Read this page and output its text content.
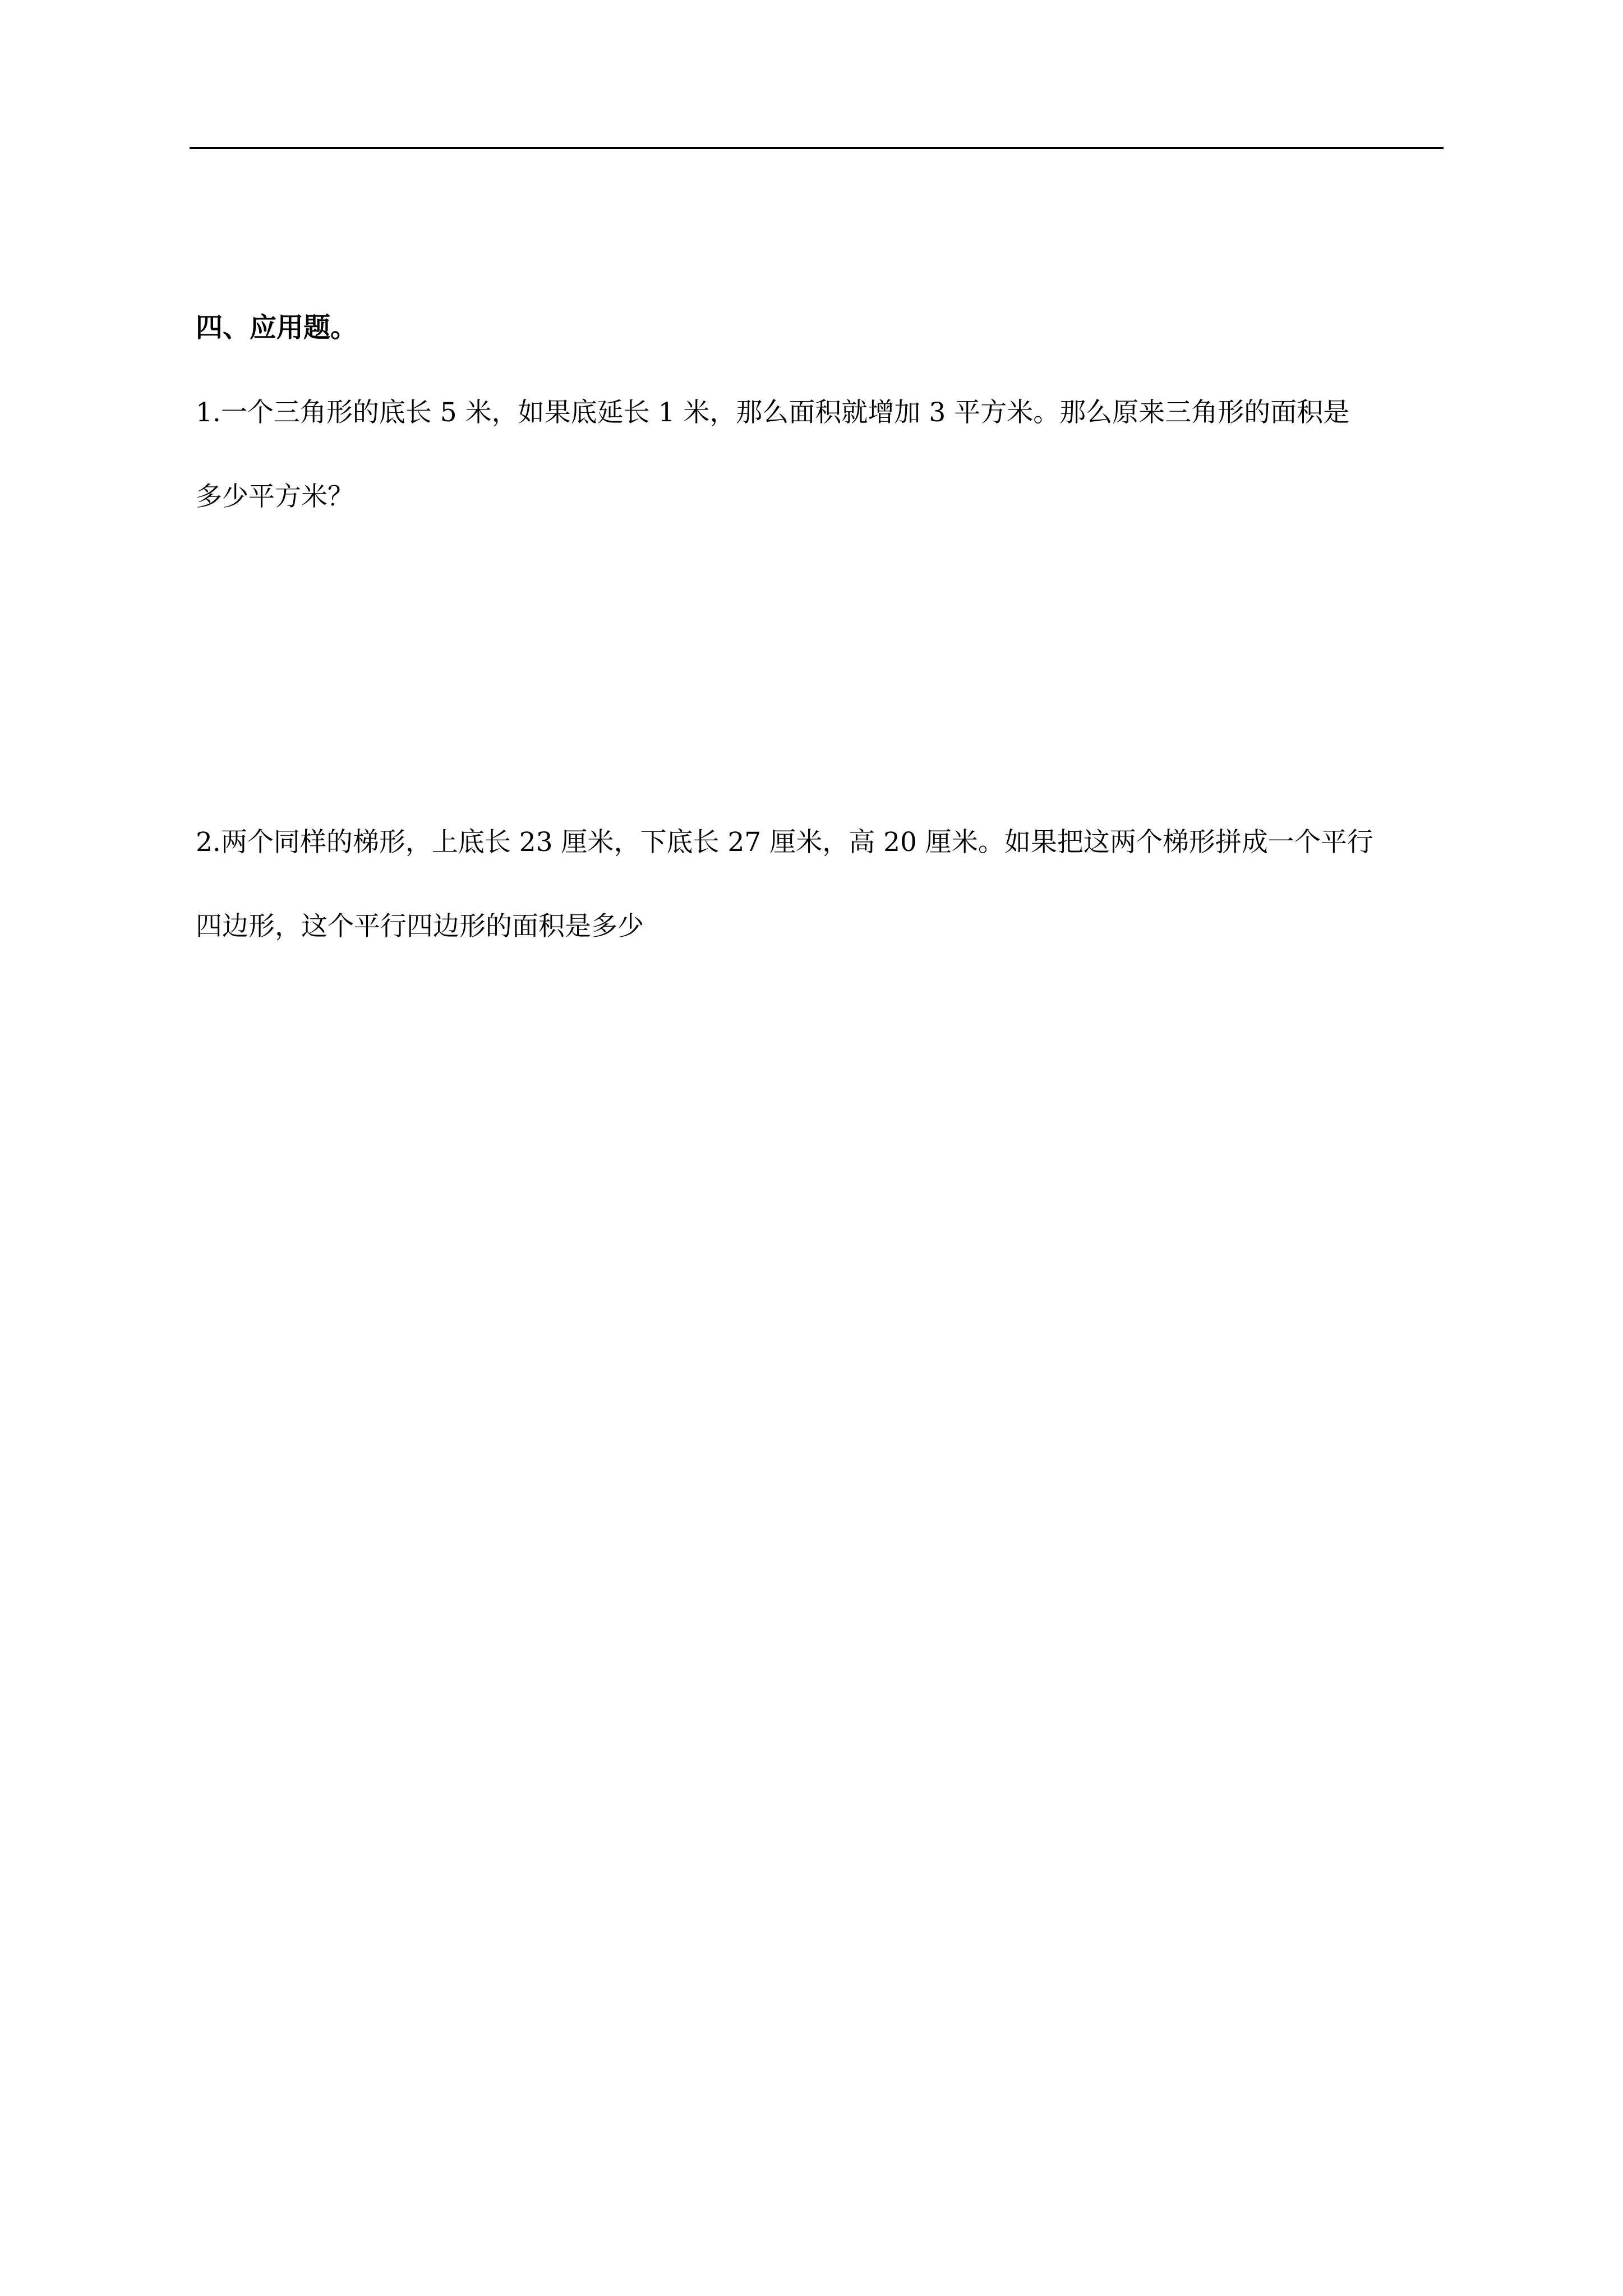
四、应用题。
1.一个三角形的底长 5 米，如果底延长 1 米，那么面积就增加 3 平方米。那么原来三角形的面积是
多少平方米？
2.两个同样的梯形，上底长 23 厘米，下底长 27 厘米，高 20 厘米。如果把这两个梯形拼成一个平行
四边形，这个平行四边形的面积是多少
